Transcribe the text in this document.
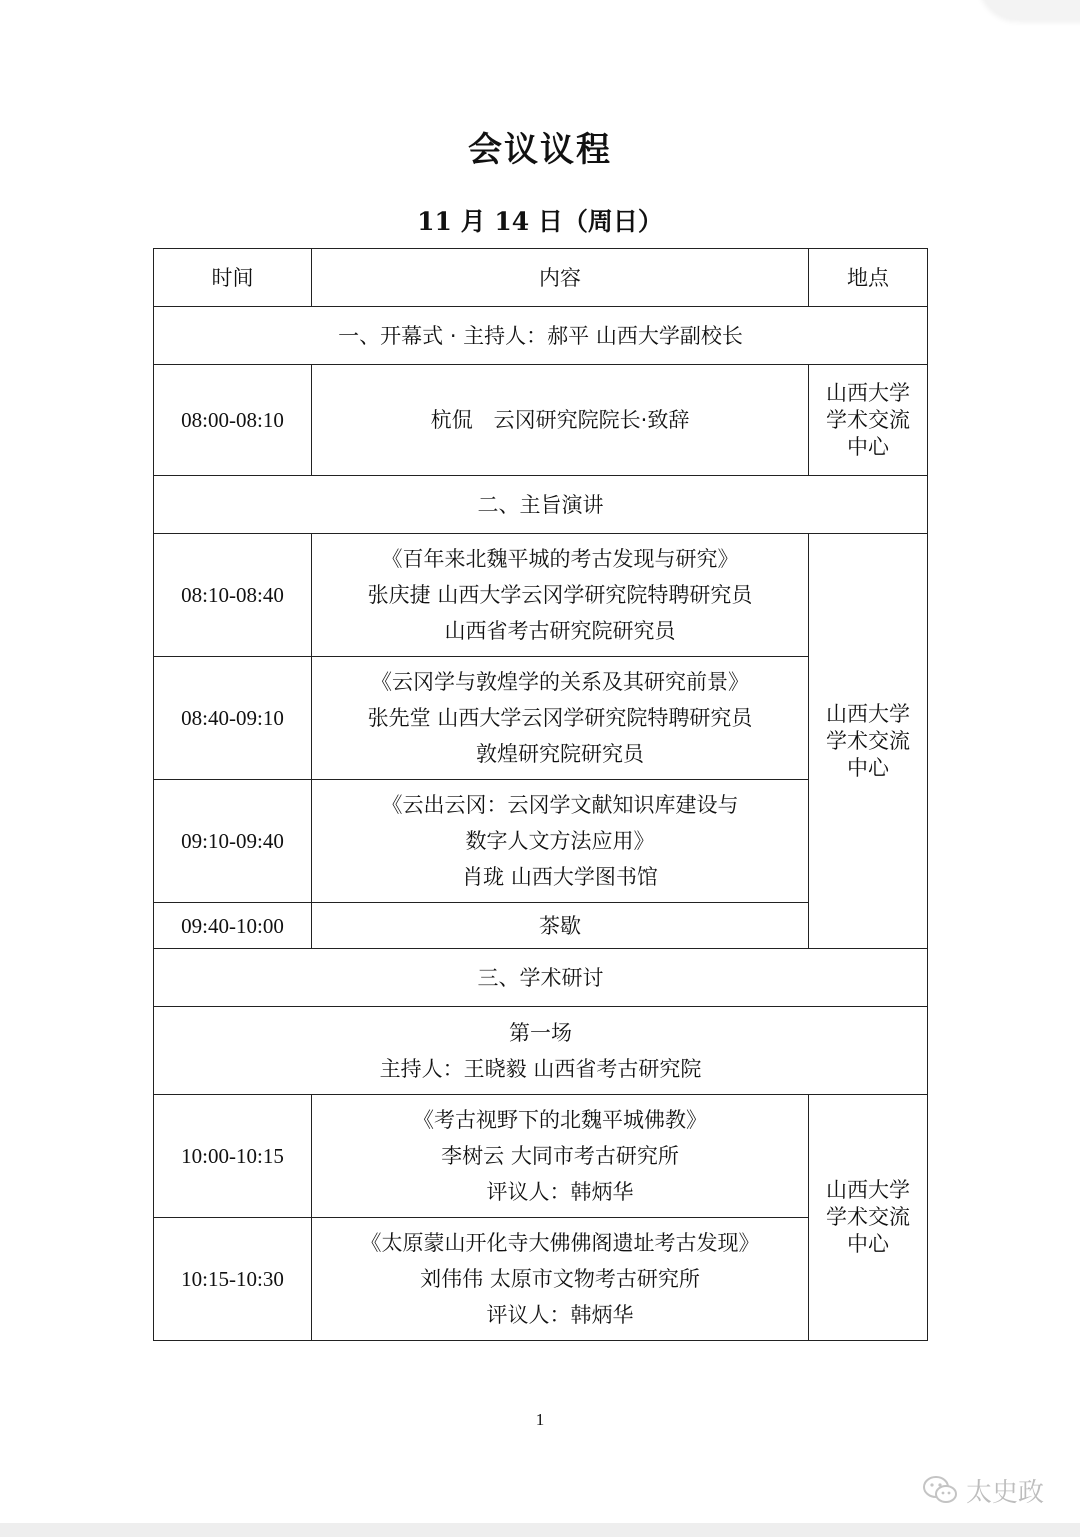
会议议程
11 月 14 日（周日）
时间	内容	地点
一、开幕式 · 主持人：郝平 山西大学副校长		
08:00-08:10	杭侃　云冈研究院院长·致辞	山西大学
学术交流
中心

二、主旨演讲		
08:10-08:40	《百年来北魏平城的考古发现与研究》
张庆捷 山西大学云冈学研究院特聘研究员
山西省考古研究院研究员	山西大学
学术交流
中心

08:40-09:10	《云冈学与敦煌学的关系及其研究前景》
张先堂 山西大学云冈学研究院特聘研究员
敦煌研究院研究员	

09:10-09:40	《云出云冈：云冈学文献知识库建设与
数字人文方法应用》
肖珑 山西大学图书馆	

09:40-10:00	茶歇	

三、学术研讨		

第一场
主持人：王晓毅 山西省考古研究院		

10:00-10:15	《考古视野下的北魏平城佛教》
李树云 大同市考古研究所
评议人：韩炳华	山西大学
学术交流
中心

10:15-10:30	《太原蒙山开化寺大佛佛阁遗址考古发现》
刘伟伟 太原市文物考古研究所
评议人：韩炳华	
1
太史政
